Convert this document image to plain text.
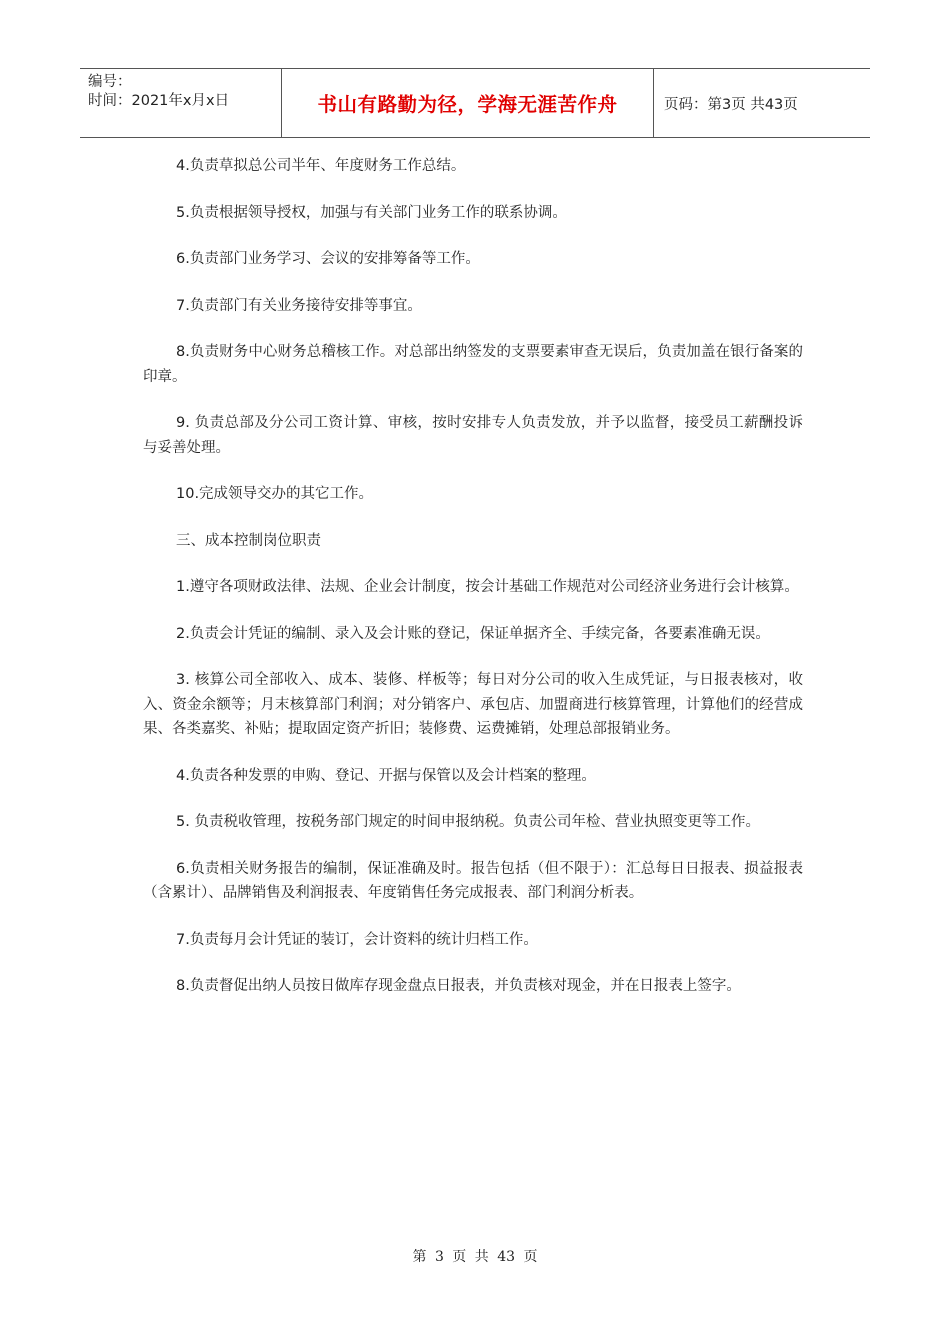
编号：
时间：2021年x月x日	书山有路勤为径，学海无涯苦作舟	页码：第3页 共43页

4.负责草拟总公司半年、年度财务工作总结。

5.负责根据领导授权，加强与有关部门业务工作的联系协调。

6.负责部门业务学习、会议的安排筹备等工作。

7.负责部门有关业务接待安排等事宜。

8.负责财务中心财务总稽核工作。对总部出纳签发的支票要素审查无误后，负责加盖在银行备案的印章。

9. 负责总部及分公司工资计算、审核，按时安排专人负责发放，并予以监督，接受员工薪酬投诉与妥善处理。

10.完成领导交办的其它工作。

三、成本控制岗位职责

1.遵守各项财政法律、法规、企业会计制度，按会计基础工作规范对公司经济业务进行会计核算。

2.负责会计凭证的编制、录入及会计账的登记，保证单据齐全、手续完备，各要素准确无误。

3. 核算公司全部收入、成本、装修、样板等；每日对分公司的收入生成凭证，与日报表核对，收入、资金余额等；月末核算部门利润；对分销客户、承包店、加盟商进行核算管理，计算他们的经营成果、各类嘉奖、补贴；提取固定资产折旧；装修费、运费摊销，处理总部报销业务。

4.负责各种发票的申购、登记、开据与保管以及会计档案的整理。

5. 负责税收管理，按税务部门规定的时间申报纳税。负责公司年检、营业执照变更等工作。

6.负责相关财务报告的编制，保证准确及时。报告包括（但不限于）：汇总每日日报表、损益报表（含累计）、品牌销售及利润报表、年度销售任务完成报表、部门利润分析表。

7.负责每月会计凭证的装订，会计资料的统计归档工作。

8.负责督促出纳人员按日做库存现金盘点日报表，并负责核对现金，并在日报表上签字。

第 3 页 共 43 页
